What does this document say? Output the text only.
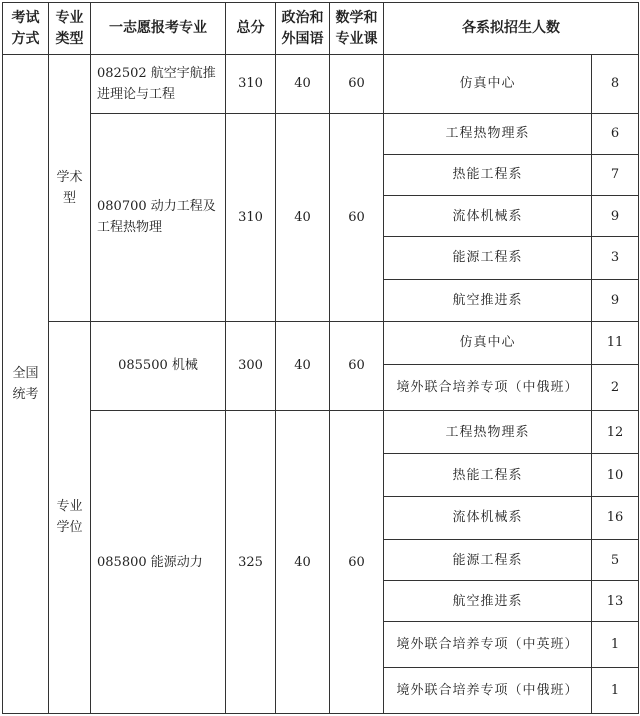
考试方式	专业类型	一志愿报考专业	总分	政治和外国语	数学和专业课	各系拟招生人数	
全国统考	学术型	082502 航空宇航推进理论与工程	310	40	60	仿真中心	8
		080700 动力工程及工程热物理	310	40	60	工程热物理系	6
						热能工程系	7
						流体机械系	9
						能源工程系	3
						航空推进系	9
	专业学位	085500 机械	300	40	60	仿真中心	11
						境外联合培养专项（中俄班）	2
		085800 能源动力	325	40	60	工程热物理系	12
						热能工程系	10
						流体机械系	16
						能源工程系	5
						航空推进系	13
						境外联合培养专项（中英班）	1
						境外联合培养专项（中俄班）	1
